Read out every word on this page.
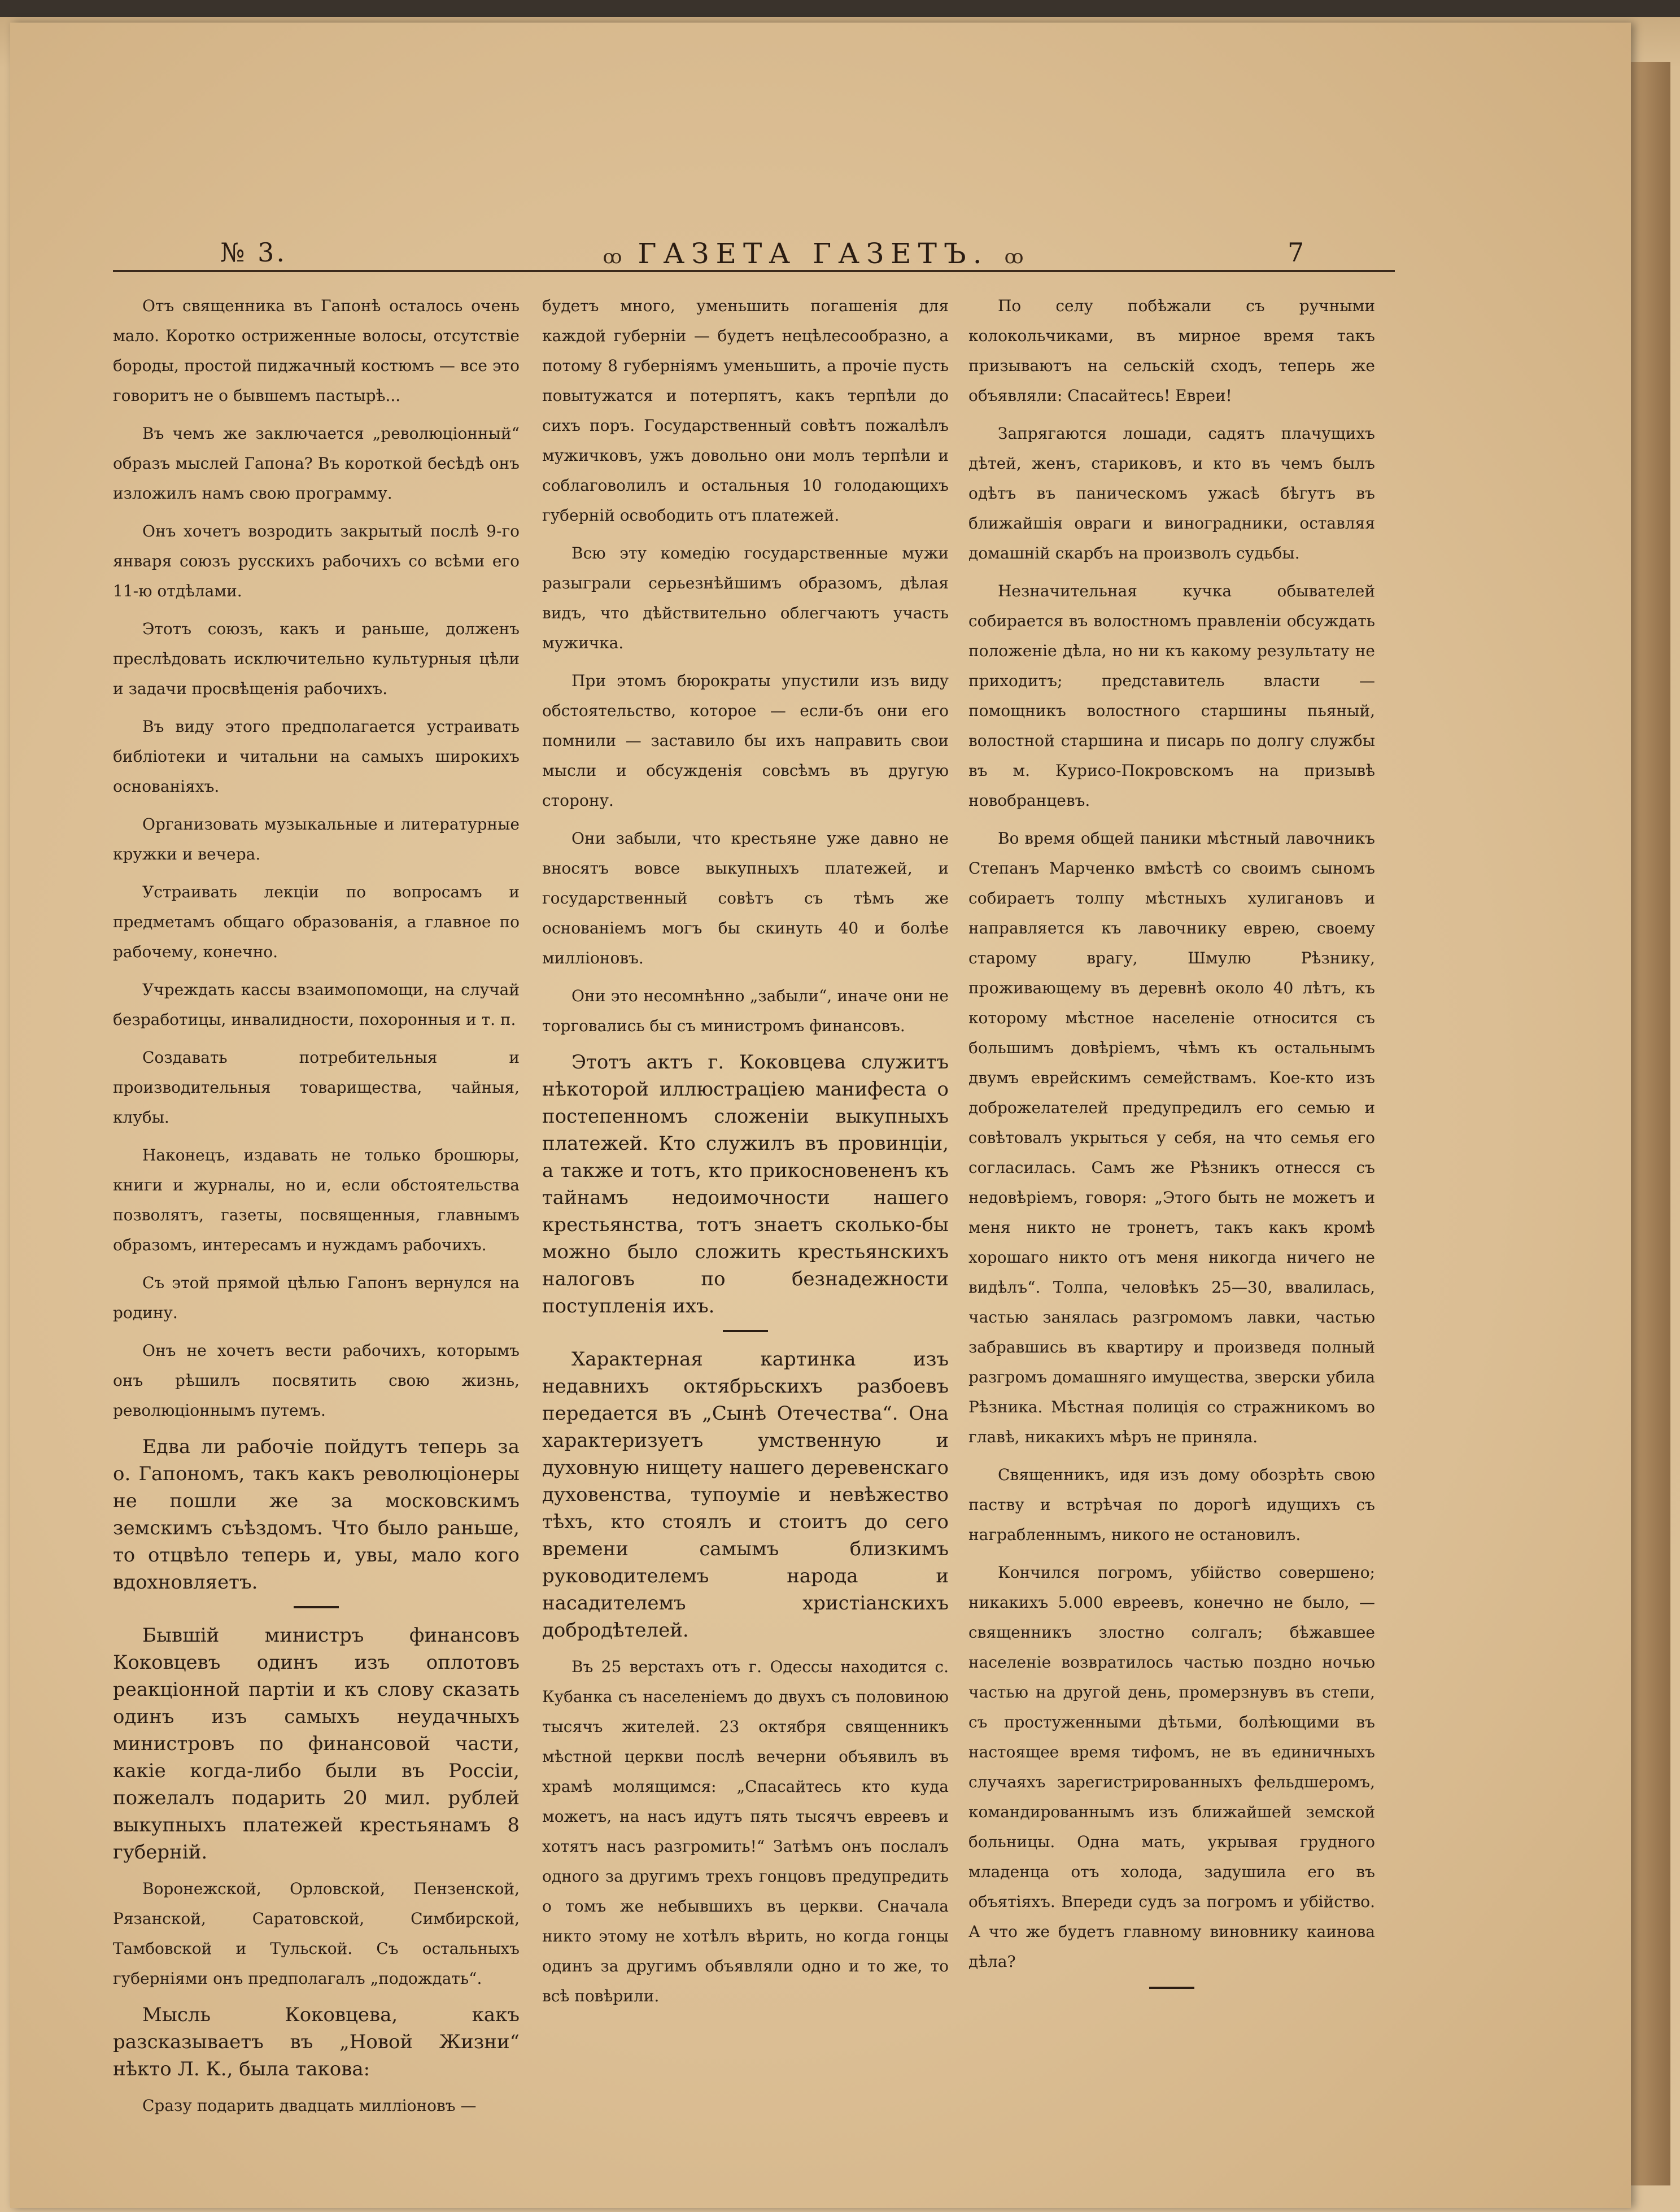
№ 3.	ꝏ ГАЗЕТА ГАЗЕТЪ. ꝏ	7

Отъ священника въ Гапонѣ осталось очень мало. Коротко остриженные волосы, отсутствіе бороды, простой пиджачный костюмъ — все это говоритъ не о бывшемъ пастырѣ...

Въ чемъ же заключается „революціонный“ образъ мыслей Гапона? Въ короткой бесѣдѣ онъ изложилъ намъ свою программу.

Онъ хочетъ возродить закрытый послѣ 9-го января союзъ русскихъ рабочихъ со всѣми его 11-ю отдѣлами.

Этотъ союзъ, какъ и раньше, долженъ преслѣдовать исключительно культурныя цѣли и задачи просвѣщенія рабочихъ.

Въ виду этого предполагается устраивать библіотеки и читальни на самыхъ широкихъ основаніяхъ.

Организовать музыкальные и литературные кружки и вечера.

Устраивать лекціи по вопросамъ и предметамъ общаго образованія, а главное по рабочему, конечно.

Учреждать кассы взаимопомощи, на случай безработицы, инвалидности, похоронныя и т. п.

Создавать потребительныя и производительныя товарищества, чайныя, клубы.

Наконецъ, издавать не только брошюры, книги и журналы, но и, если обстоятельства позволятъ, газеты, посвященныя, главнымъ образомъ, интересамъ и нуждамъ рабочихъ.

Съ этой прямой цѣлью Гапонъ вернулся на родину.

Онъ не хочетъ вести рабочихъ, которымъ онъ рѣшилъ посвятить свою жизнь, революціоннымъ путемъ.

Едва ли рабочіе пойдутъ теперь за о. Гапономъ, такъ какъ революціонеры не пошли же за московскимъ земскимъ съѣздомъ. Что было раньше, то отцвѣло теперь и, увы, мало кого вдохновляетъ.

Бывшій министръ финансовъ Коковцевъ одинъ изъ оплотовъ реакціонной партіи и къ слову сказать одинъ изъ самыхъ неудачныхъ министровъ по финансовой части, какіе когда-либо были въ Россіи, пожелалъ подарить 20 мил. рублей выкупныхъ платежей крестьянамъ 8 губерній.

Воронежской, Орловской, Пензенской, Рязанской, Саратовской, Симбирской, Тамбовской и Тульской. Съ остальныхъ губерніями онъ предполагалъ „подождать“.

Мысль Коковцева, какъ разсказываетъ въ „Новой Жизни“ нѣкто Л. К., была такова:

Сразу подарить двадцать милліоновъ —

будетъ много, уменьшить погашенія для каждой губерніи — будетъ нецѣлесообразно, а потому 8 губерніямъ уменьшить, а прочіе пусть повытужатся и потерпятъ, какъ терпѣли до сихъ поръ. Государственный совѣтъ пожалѣлъ мужичковъ, ужъ довольно они молъ терпѣли и соблаговолилъ и остальныя 10 голодающихъ губерній освободить отъ платежей.

Всю эту комедію государственные мужи разыграли серьезнѣйшимъ образомъ, дѣлая видъ, что дѣйствительно облегчаютъ участь мужичка.

При этомъ бюрократы упустили изъ виду обстоятельство, которое — если-бъ они его помнили — заставило бы ихъ направить свои мысли и обсужденія совсѣмъ въ другую сторону.

Они забыли, что крестьяне уже давно не вносятъ вовсе выкупныхъ платежей, и государственный совѣтъ съ тѣмъ же основаніемъ могъ бы скинуть 40 и болѣе милліоновъ.

Они это несомнѣнно „забыли“, иначе они не торговались бы съ министромъ финансовъ.

Этотъ актъ г. Коковцева служитъ нѣкоторой иллюстраціею манифеста о постепенномъ сложеніи выкупныхъ платежей. Кто служилъ въ провинціи, а также и тотъ, кто прикосновененъ къ тайнамъ недоимочности нашего крестьянства, тотъ знаетъ сколько-бы можно было сложить крестьянскихъ налоговъ по безнадежности поступленія ихъ.

Характерная картинка изъ недавнихъ октябрьскихъ разбоевъ передается въ „Сынѣ Отечества“. Она характеризуетъ умственную и духовную нищету нашего деревенскаго духовенства, тупоуміе и невѣжество тѣхъ, кто стоялъ и стоитъ до сего времени самымъ близкимъ руководителемъ народа и насадителемъ христіанскихъ добродѣтелей.

Въ 25 верстахъ отъ г. Одессы находится с. Кубанка съ населеніемъ до двухъ съ половиною тысячъ жителей. 23 октября священникъ мѣстной церкви послѣ вечерни объявилъ въ храмѣ молящимся: „Спасайтесь кто куда можетъ, на насъ идутъ пять тысячъ евреевъ и хотятъ насъ разгромить!“ Затѣмъ онъ послалъ одного за другимъ трехъ гонцовъ предупредить о томъ же небывшихъ въ церкви. Сначала никто этому не хотѣлъ вѣрить, но когда гонцы одинъ за другимъ объявляли одно и то же, то всѣ повѣрили.

По селу побѣжали съ ручными колокольчиками, въ мирное время такъ призываютъ на сельскій сходъ, теперь же объявляли: Спасайтесь! Евреи!

Запрягаются лошади, садятъ плачущихъ дѣтей, женъ, стариковъ, и кто въ чемъ былъ одѣтъ въ паническомъ ужасѣ бѣгутъ въ ближайшія овраги и виноградники, оставляя домашній скарбъ на произволъ судьбы.

Незначительная кучка обывателей собирается въ волостномъ правленіи обсуждать положеніе дѣла, но ни къ какому результату не приходитъ; представитель власти — помощникъ волостного старшины пьяный, волостной старшина и писарь по долгу службы въ м. Курисо-Покровскомъ на призывѣ новобранцевъ.

Во время общей паники мѣстный лавочникъ Степанъ Марченко вмѣстѣ со своимъ сыномъ собираетъ толпу мѣстныхъ хулигановъ и направляется къ лавочнику еврею, своему старому врагу, Шмулю Рѣзнику, проживающему въ деревнѣ около 40 лѣтъ, къ которому мѣстное населеніе относится съ большимъ довѣріемъ, чѣмъ къ остальнымъ двумъ еврейскимъ семействамъ. Кое-кто изъ доброжелателей предупредилъ его семью и совѣтовалъ укрыться у себя, на что семья его согласилась. Самъ же Рѣзникъ отнесся съ недовѣріемъ, говоря: „Этого быть не можетъ и меня никто не тронетъ, такъ какъ кромѣ хорошаго никто отъ меня никогда ничего не видѣлъ“. Толпа, человѣкъ 25—30, ввалилась, частью занялась разгромомъ лавки, частью забравшись въ квартиру и произведя полный разгромъ домашняго имущества, зверски убила Рѣзника. Мѣстная полиція со стражникомъ во главѣ, никакихъ мѣръ не приняла.

Священникъ, идя изъ дому обозрѣть свою паству и встрѣчая по дорогѣ идущихъ съ награбленнымъ, никого не остановилъ.

Кончился погромъ, убійство совершено; никакихъ 5.000 евреевъ, конечно не было, — священникъ злостно солгалъ; бѣжавшее населеніе возвратилось частью поздно ночью частью на другой день, промерзнувъ въ степи, съ простуженными дѣтьми, болѣющими въ настоящее время тифомъ, не въ единичныхъ случаяхъ зарегистрированныхъ фельдшеромъ, командированнымъ изъ ближайшей земской больницы. Одна мать, укрывая грудного младенца отъ холода, задушила его въ объятіяхъ. Впереди судъ за погромъ и убійство. А что же будетъ главному виновнику каинова дѣла?
